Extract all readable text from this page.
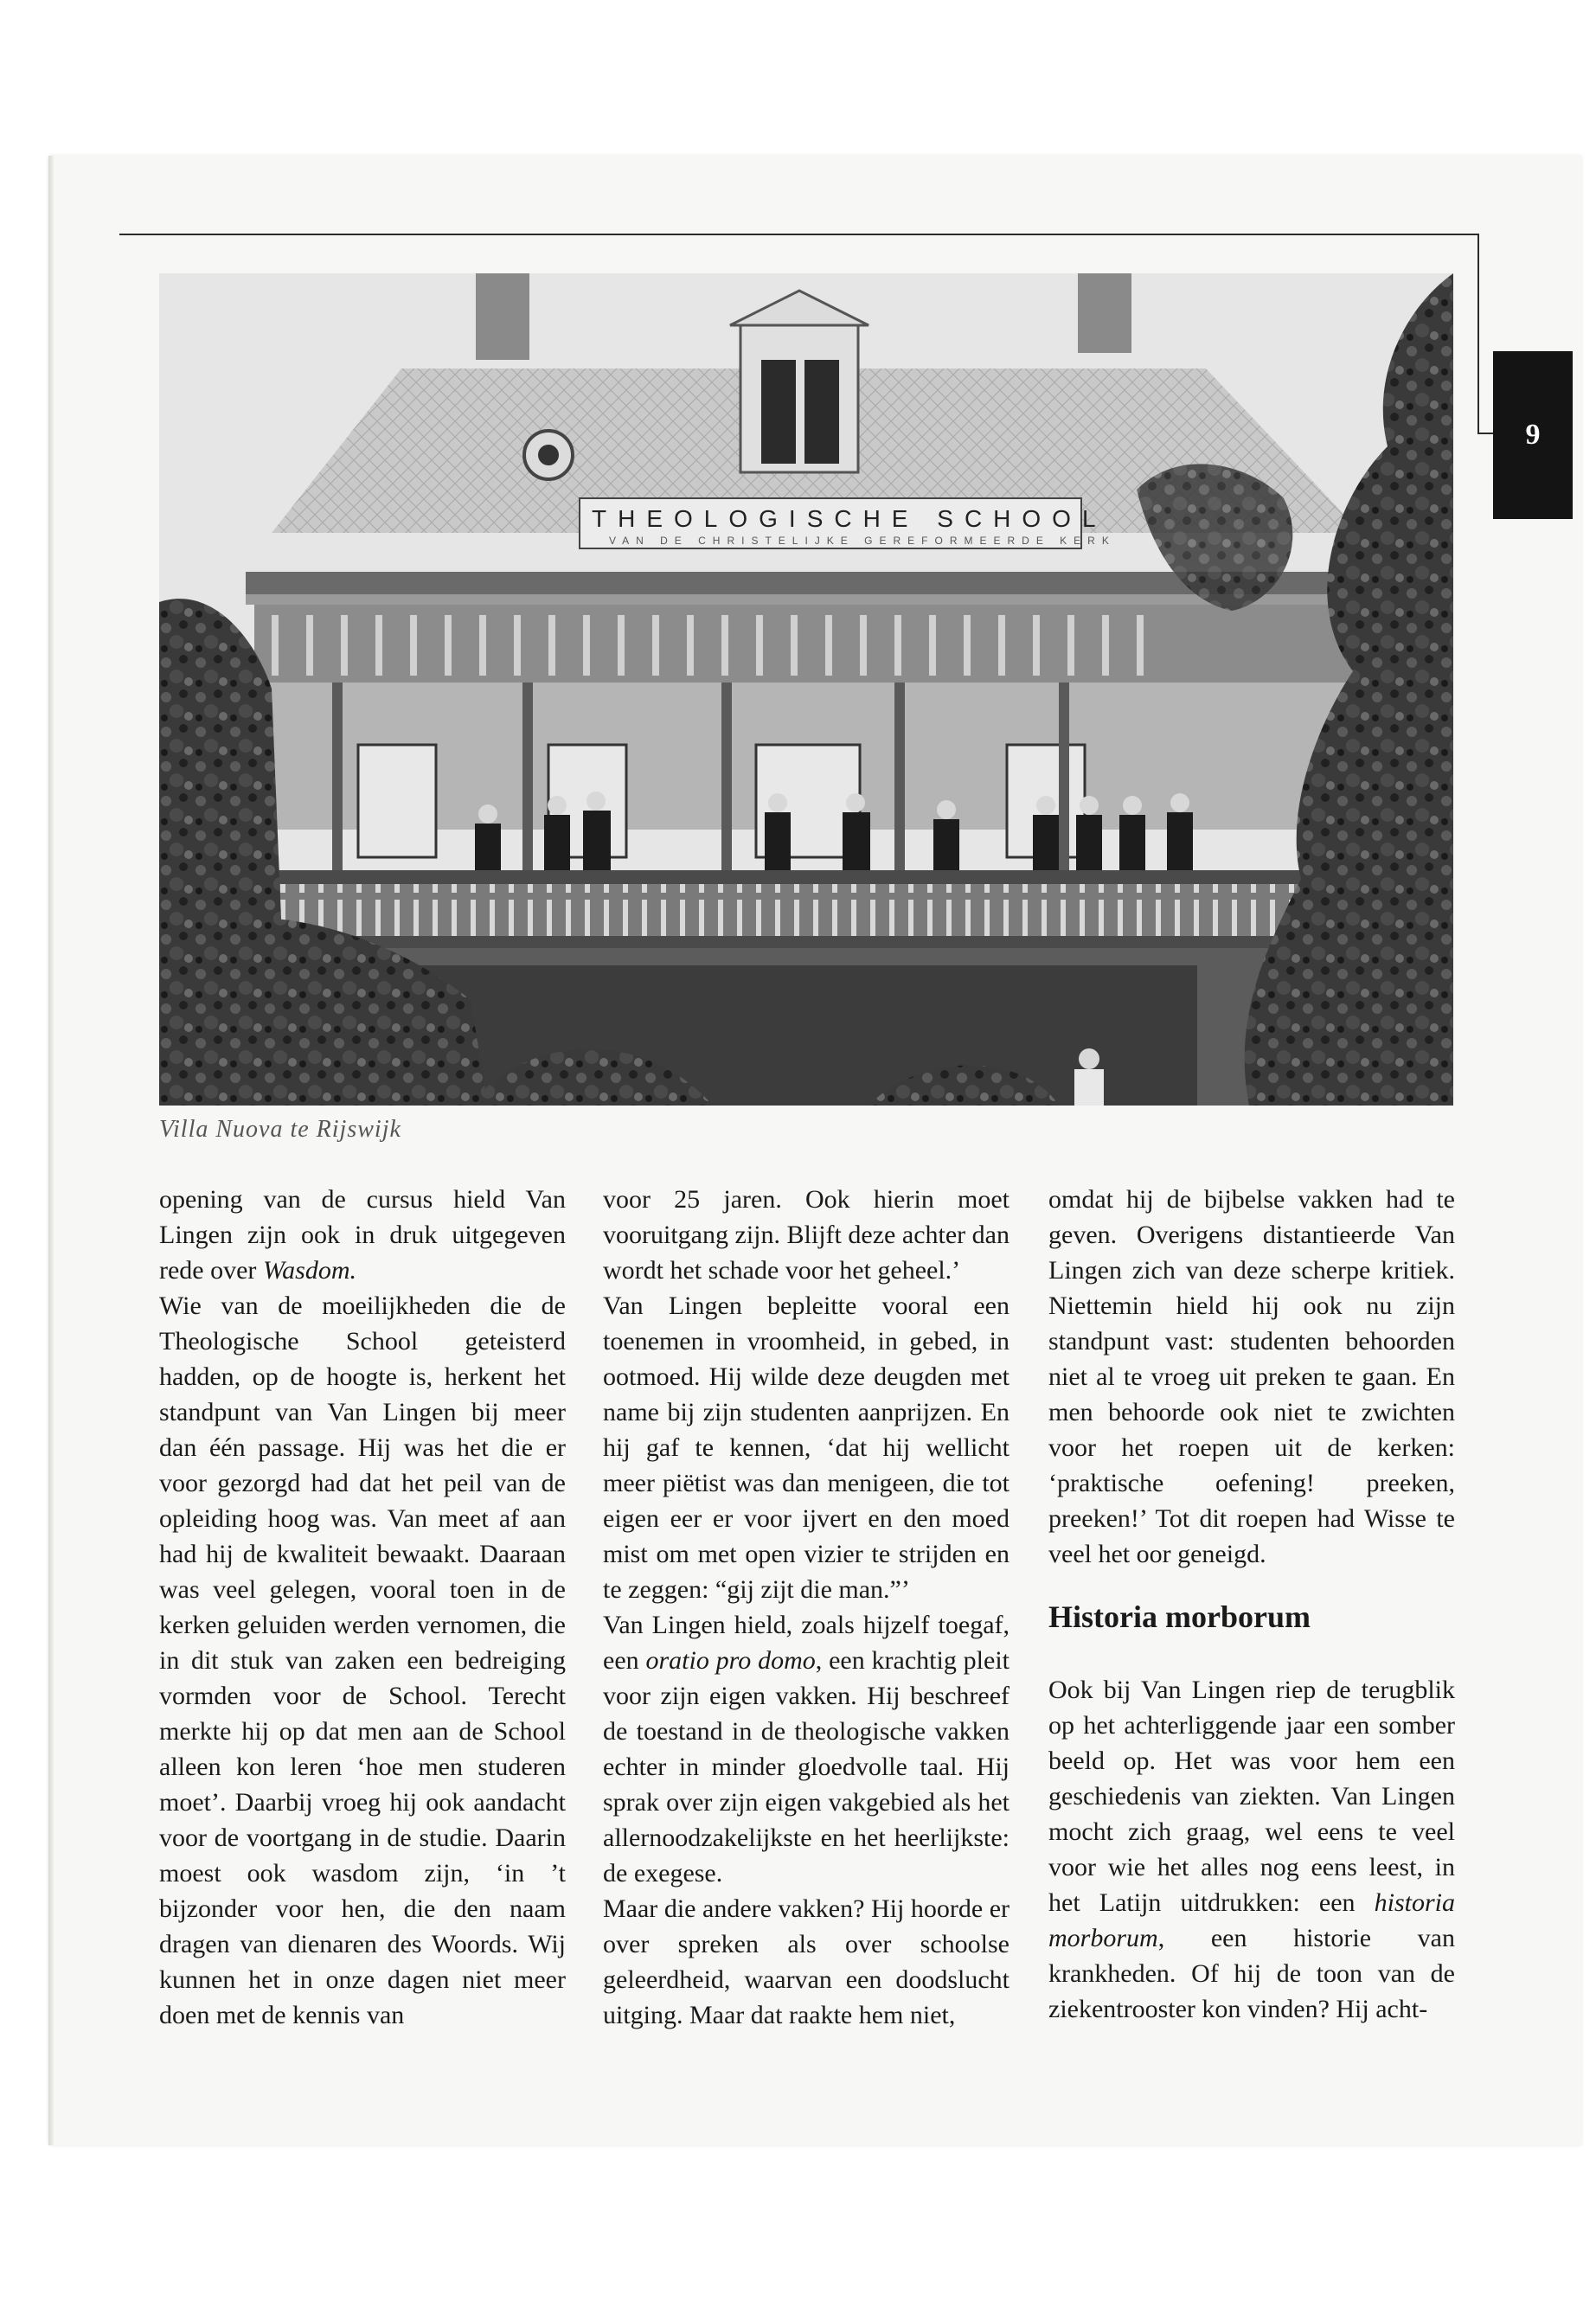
9
THEOLOGISCHE SCHOOL
VAN DE CHRISTELIJKE GEREFORMEERDE KERK
Villa Nuova te Rijswijk

opening van de cursus hield Van Lingen zijn ook in druk uitgegeven rede over Wasdom.

Wie van de moeilijkheden die de Theologische School geteisterd hadden, op de hoogte is, herkent het standpunt van Van Lingen bij meer dan één passage. Hij was het die er voor gezorgd had dat het peil van de opleiding hoog was. Van meet af aan had hij de kwaliteit bewaakt. Daaraan was veel gelegen, vooral toen in de kerken geluiden werden vernomen, die in dit stuk van zaken een bedreiging vormden voor de School. Terecht merkte hij op dat men aan de School alleen kon leren ‘hoe men studeren moet’. Daarbij vroeg hij ook aandacht voor de voortgang in de studie. Daarin moest ook wasdom zijn, ‘in ’t bijzonder voor hen, die den naam dragen van dienaren des Woords. Wij kunnen het in onze dagen niet meer doen met de kennis van

voor 25 jaren. Ook hierin moet vooruitgang zijn. Blijft deze achter dan wordt het schade voor het geheel.’

Van Lingen bepleitte vooral een toenemen in vroomheid, in gebed, in ootmoed. Hij wilde deze deugden met name bij zijn studenten aanprijzen. En hij gaf te kennen, ‘dat hij wellicht meer piëtist was dan menigeen, die tot eigen eer er voor ijvert en den moed mist om met open vizier te strijden en te zeggen: “gij zijt die man.”’

Van Lingen hield, zoals hijzelf toegaf, een oratio pro domo, een krachtig pleit voor zijn eigen vakken. Hij beschreef de toestand in de theologische vakken echter in minder gloedvolle taal. Hij sprak over zijn eigen vakgebied als het allernoodzakelijkste en het heerlijkste: de exegese.

Maar die andere vakken? Hij hoorde er over spreken als over schoolse geleerdheid, waarvan een doodslucht uitging. Maar dat raakte hem niet,

omdat hij de bijbelse vakken had te geven. Overigens distantieerde Van Lingen zich van deze scherpe kritiek. Niettemin hield hij ook nu zijn standpunt vast: studenten behoorden niet al te vroeg uit preken te gaan. En men behoorde ook niet te zwichten voor het roepen uit de kerken: ‘praktische oefening! preeken, preeken!’ Tot dit roepen had Wisse te veel het oor geneigd.

Historia morborum

Ook bij Van Lingen riep de terugblik op het achterliggende jaar een somber beeld op. Het was voor hem een geschiedenis van ziekten. Van Lingen mocht zich graag, wel eens te veel voor wie het alles nog eens leest, in het Latijn uitdrukken: een historia morborum, een historie van krankheden. Of hij de toon van de ziekentrooster kon vinden? Hij acht-
